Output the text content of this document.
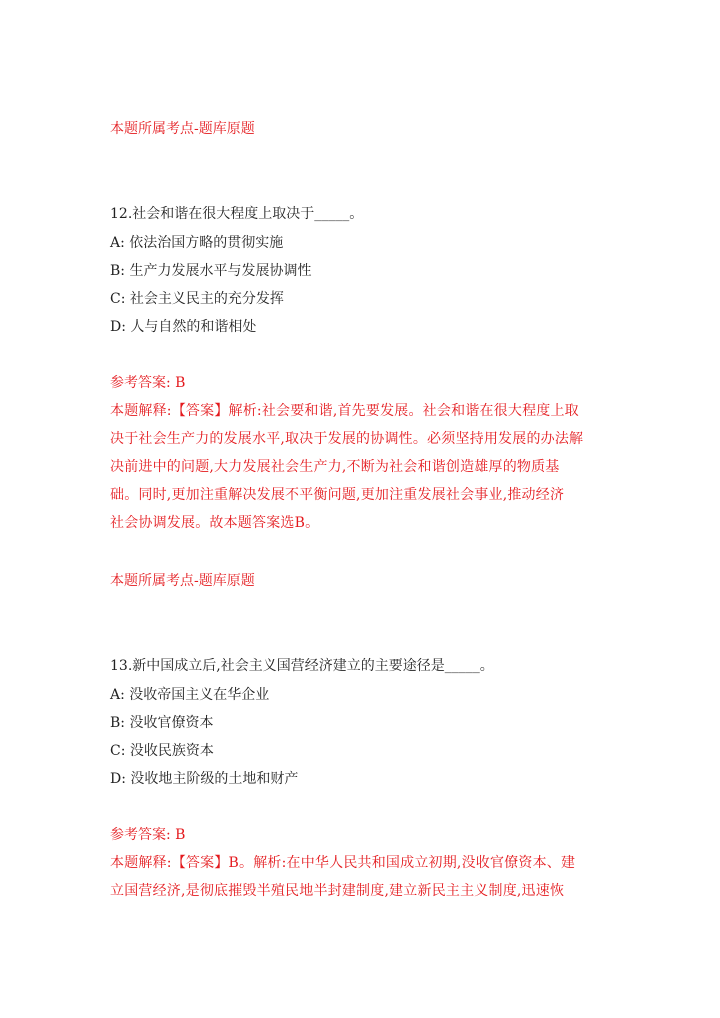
本题所属考点-题库原题
12.社会和谐在很大程度上取决于_____。
A: 依法治国方略的贯彻实施
B: 生产力发展水平与发展协调性
C: 社会主义民主的充分发挥
D: 人与自然的和谐相处
参考答案: B
本题解释:【答案】解析:社会要和谐,首先要发展。社会和谐在很大程度上取
决于社会生产力的发展水平,取决于发展的协调性。必须坚持用发展的办法解
决前进中的问题,大力发展社会生产力,不断为社会和谐创造雄厚的物质基
础。同时,更加注重解决发展不平衡问题,更加注重发展社会事业,推动经济
社会协调发展。故本题答案选B。
本题所属考点-题库原题
13.新中国成立后,社会主义国营经济建立的主要途径是_____。
A: 没收帝国主义在华企业
B: 没收官僚资本
C: 没收民族资本
D: 没收地主阶级的土地和财产
参考答案: B
本题解释:【答案】B。解析:在中华人民共和国成立初期,没收官僚资本、建
立国营经济,是彻底摧毁半殖民地半封建制度,建立新民主主义制度,迅速恢
